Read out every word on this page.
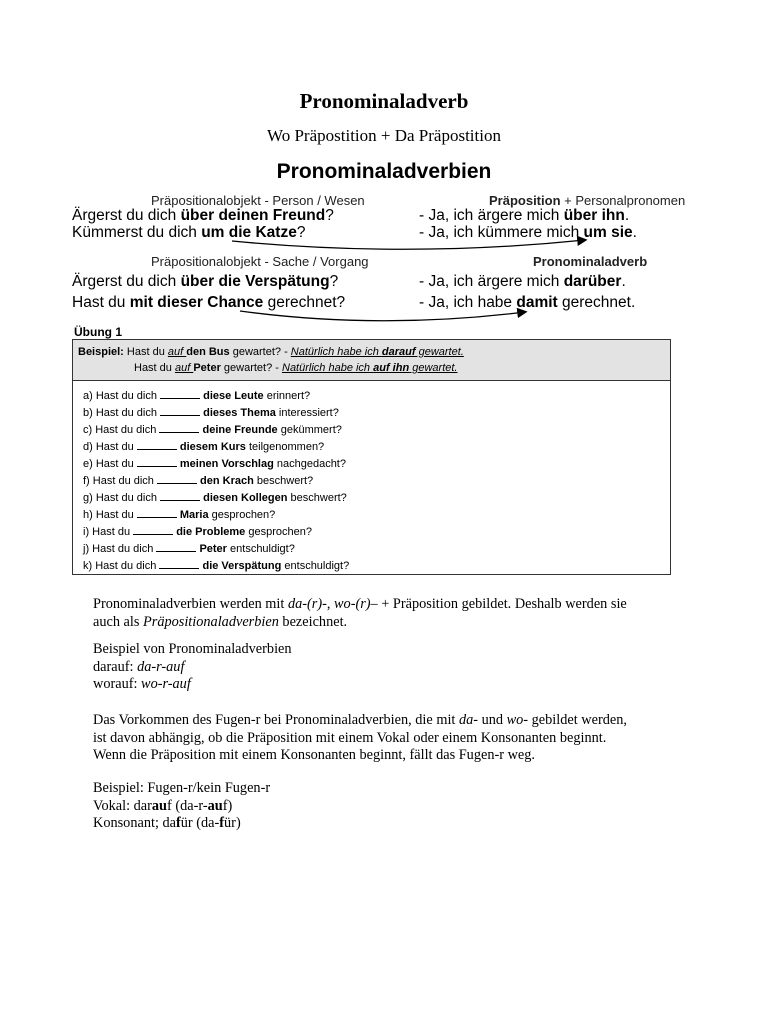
Pronominaladverb
Wo Präpostition + Da Präpostition
Pronominaladverbien
Präpositionalobjekt - Person / Wesen	Präposition + Personalpronomen
Ärgerst du dich über deinen Freund?	- Ja, ich ärgere mich über ihn.
Kümmerst du dich um die Katze?	- Ja, ich kümmere mich um sie.
Präpositionalobjekt - Sache / Vorgang	Pronominaladverb
Ärgerst du dich über die Verspätung?	- Ja, ich ärgere mich darüber.
Hast du mit dieser Chance gerechnet?	- Ja, ich habe damit gerechnet.
Übung 1
Beispiel: Hast du auf den Bus gewartet? - Natürlich habe ich darauf gewartet.
Hast du auf Peter gewartet? - Natürlich habe ich auf ihn gewartet.
a) Hast du dich	diese Leute erinnert?
b) Hast du dich	dieses Thema interessiert?
c) Hast du dich	deine Freunde gekümmert?
d) Hast du	diesem Kurs teilgenommen?
e) Hast du	meinen Vorschlag nachgedacht?
f) Hast du dich	den Krach beschwert?
g) Hast du dich	diesen Kollegen beschwert?
h) Hast du	Maria gesprochen?
i) Hast du	die Probleme gesprochen?
j) Hast du dich	Peter entschuldigt?
k) Hast du dich	die Verspätung entschuldigt?
Pronominaladverbien werden mit da-(r)-, wo-(r)– + Präposition gebildet. Deshalb werden sie
auch als Präpositionaladverbien bezeichnet.
Beispiel von Pronominaladverbien
darauf: da-r-auf
worauf: wo-r-auf
Das Vorkommen des Fugen-r bei Pronominaladverbien, die mit da- und wo- gebildet werden,
ist davon abhängig, ob die Präposition mit einem Vokal oder einem Konsonanten beginnt.
Wenn die Präposition mit einem Konsonanten beginnt, fällt das Fugen-r weg.
Beispiel: Fugen-r/kein Fugen-r
Vokal: darauf (da-r-auf)
Konsonant; dafür (da-für)
